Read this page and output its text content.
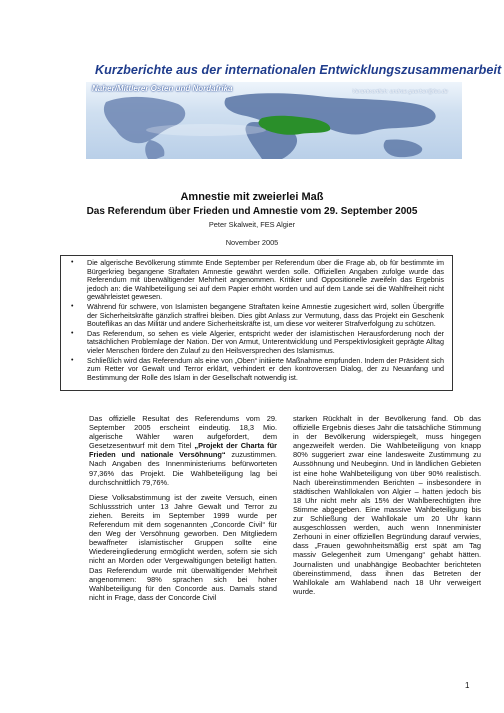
Kurzberichte aus der internationalen Entwicklungszusammenarbeit
Naher/Mittlerer Osten und Nordafrika	Verantwortlich: andrae.gaerber@fes.de
Amnestie mit zweierlei Maß
Das Referendum über Frieden und Amnestie vom 29. September 2005
Peter Skalweit, FES Algier
November 2005
• Die algerische Bevölkerung stimmte Ende September per Referendum über die Frage ab, ob für bestimmte im Bürgerkrieg begangene Straftaten Amnestie gewährt werden solle. Offiziellen Angaben zufolge wurde das Referendum mit überwältigender Mehrheit angenommen. Kritiker und Oppositionelle zweifeln das Ergebnis jedoch an: die Wahlbeteiligung sei auf dem Papier erhöht worden und auf dem Lande sei die Wahlfreiheit nicht gewährleistet gewesen.
• Während für schwere, von Islamisten begangene Straftaten keine Amnestie zugesichert wird, sollen Übergriffe der Sicherheitskräfte gänzlich straffrei bleiben. Dies gibt Anlass zur Vermutung, dass das Projekt ein Geschenk Bouteflikas an das Militär und andere Sicherheitskräfte ist, um diese vor weiterer Strafverfolgung zu schützen.
• Das Referendum, so sehen es viele Algerier, entspricht weder der islamistischen Herausforderung noch der tatsächlichen Problemlage der Nation. Der von Armut, Unterentwicklung und Perspektivlosigkeit geprägte Alltag vieler Menschen fördere den Zulauf zu den Heilsversprechen des Islamismus.
• Schließlich wird das Referendum als eine von „Oben“ initiierte Maßnahme empfunden. Indem der Präsident sich zum Retter vor Gewalt und Terror erklärt, verhindert er den kontroversen Dialog, der zu Neuanfang und Bestimmung der Rolle des Islam in der Gesellschaft notwendig ist.

Das offizielle Resultat des Referendums vom 29. September 2005 erscheint eindeutig. 18,3 Mio. algerische Wähler waren aufgefordert, dem Gesetzesentwurf mit dem Titel „Projekt der Charta für Frieden und nationale Versöhnung“ zuzustimmen. Nach Angaben des Innenministeriums befürworteten 97,36% das Projekt. Die Wahlbeteiligung lag bei durchschnittlich 79,76%.

Diese Volksabstimmung ist der zweite Versuch, einen Schlussstrich unter 13 Jahre Gewalt und Terror zu ziehen. Bereits im September 1999 wurde per Referendum mit dem sogenannten „Concorde Civil“ für den Weg der Versöhnung geworben. Den Mitgliedern bewaffneter islamistischer Gruppen sollte eine Wiedereingliederung ermöglicht werden, sofern sie sich nicht an Morden oder Vergewaltigungen beteiligt hatten. Das Referendum wurde mit überwältigender Mehrheit angenommen: 98% sprachen sich bei hoher Wahlbeteiligung für den Concorde aus. Damals stand nicht in Frage, dass der Concorde Civil

starken Rückhalt in der Bevölkerung fand. Ob das offizielle Ergebnis dieses Jahr die tatsächliche Stimmung in der Bevölkerung widerspiegelt, muss hingegen angezweifelt werden. Die Wahlbeteiligung von knapp 80% suggeriert zwar eine landesweite Zustimmung zu Aussöhnung und Neubeginn. Und in ländlichen Gebieten ist eine hohe Wahlbeteiligung von über 90% realistisch. Nach übereinstimmenden Berichten – insbesondere in städtischen Wahllokalen von Algier – hatten jedoch bis 18 Uhr nicht mehr als 15% der Wahlberechtigten ihre Stimme abgegeben. Eine massive Wahlbeteiligung bis zur Schließung der Wahllokale um 20 Uhr kann ausgeschlossen werden, auch wenn Innenminister Zerhouni in einer offiziellen Begründung darauf verwies, dass „Frauen gewohnheitsmäßig erst spät am Tag massiv Gelegenheit zum Urnengang“ gehabt hätten. Journalisten und unabhängige Beobachter berichteten übereinstimmend, dass ihnen das Betreten der Wahllokale am Wahlabend nach 18 Uhr verweigert wurde.

1
